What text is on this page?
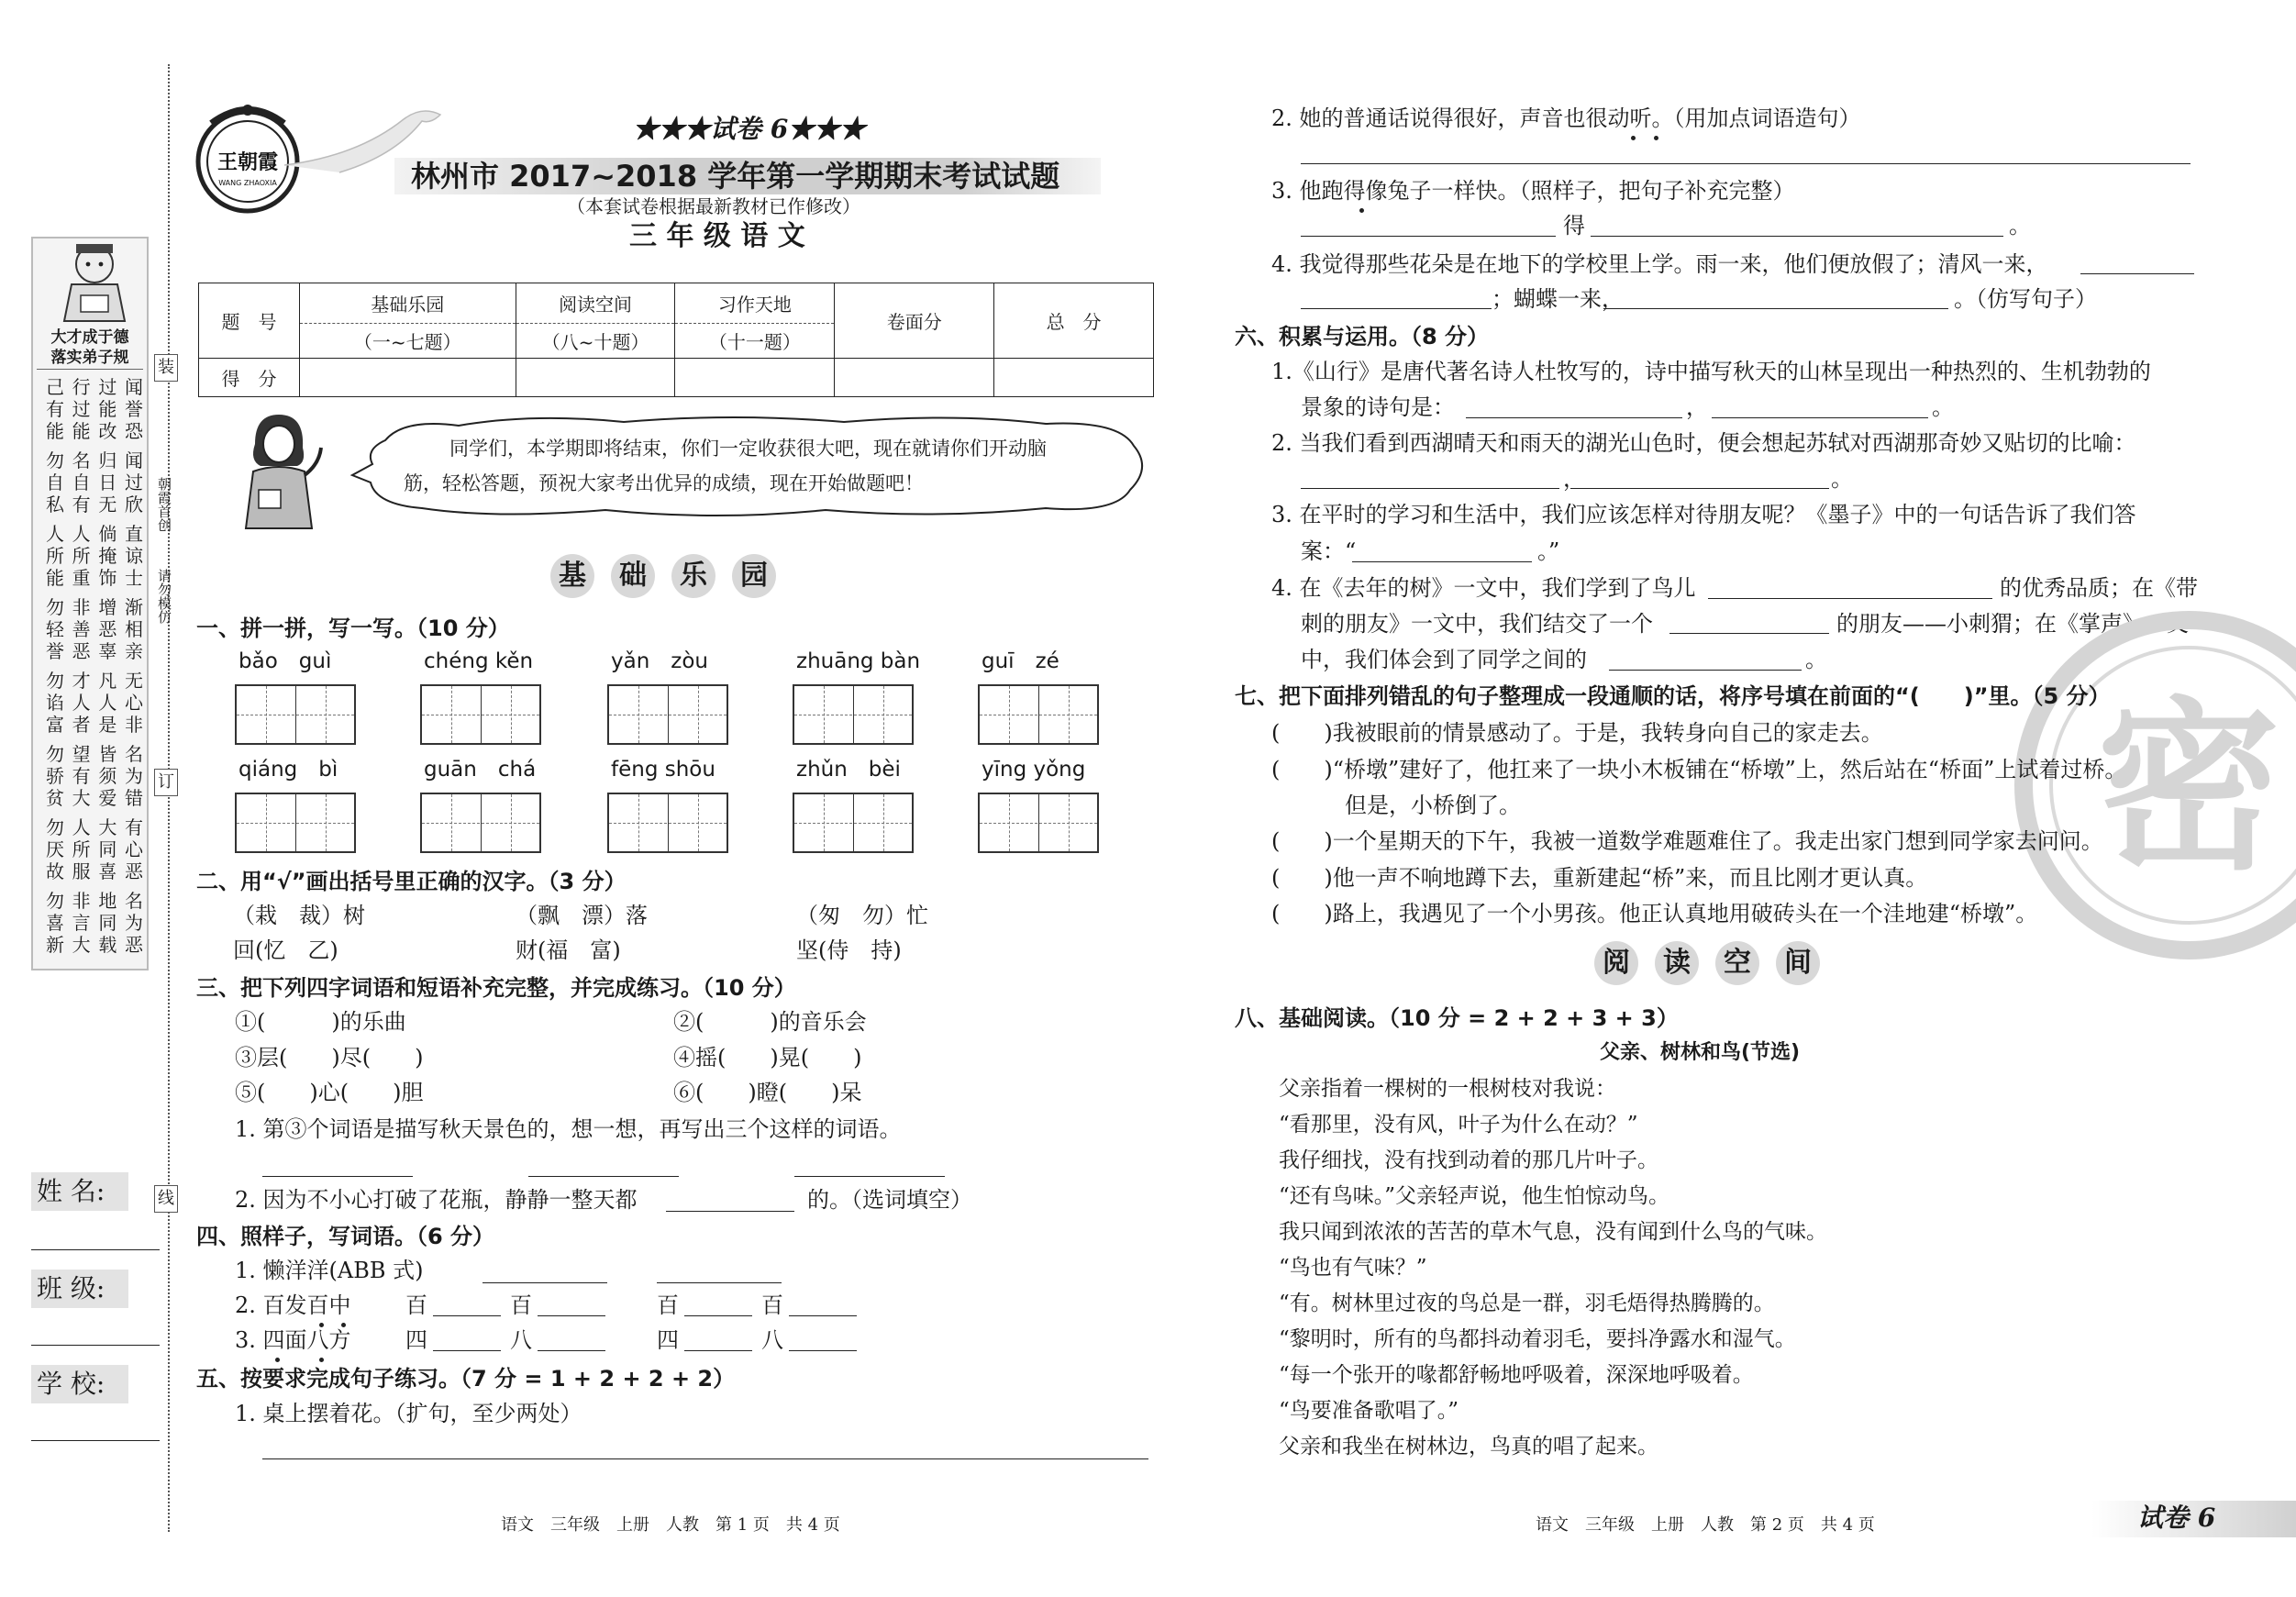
大才成于德
落实弟子规
己有能
行过能
过能改
闻誉恐
勿自私
名自有
归日无
闻过欣
人所能
人所重
倘掩饰
直谅士
勿轻誉
非善恶
增恶辜
渐相亲
勿谄富
才人者
凡人是
无心非
勿骄贫
望有大
皆须爱
名为错
勿厌故
人所服
大同喜
有心恶
勿喜新
非言大
地同载
名为恶
装
订
线
朝霞首创
请勿模仿
姓 名:
班 级:
学 校:
王朝霞
WANG ZHAOXIA
★★★试卷 6★★★
林州市 2017~2018 学年第一学期期末考试试题
（本套试卷根据最新教材已作修改）
三 年 级 语 文
题　号	基础乐园	阅读空间	习作天地	卷面分	总　分
	（一~七题）	（八~十题）	（十一题）		
得　分					
同学们，本学期即将结束，你们一定收获很大吧，现在就请你们开动脑筋，轻松答题，预祝大家考出优异的成绩，现在开始做题吧！
基	础	乐	园
一、拼一拼，写一写。（10 分）
bǎo　guì	chéng kěn	yǎn　zòu	zhuāng bàn	guī　zé
qiáng　bì	guān　chá	fēng shōu	zhǔn　bèi	yīng yǒng
二、用“√”画出括号里正确的汉字。（3 分）
（栽　裁）树	（飘　漂）落	（匆　勿）忙
回(忆　乙)	财(福　富)	坚(侍　持)
三、把下列四字词语和短语补充完整，并完成练习。（10 分）
①(　　　)的乐曲	②(　　　)的音乐会
③层(　　)尽(　　)	④摇(　　)晃(　　)
⑤(　　)心(　　)胆	⑥(　　)瞪(　　)呆
1. 第③个词语是描写秋天景色的，想一想，再写出三个这样的词语。
2. 因为不小心打破了花瓶，静静一整天都	的。（选词填空）
四、照样子，写词语。（6 分）
1. 懒洋洋(ABB 式)
2. 百发百中 百	百	百	百
3. 四面八方 四	八	四	八
五、按要求完成句子练习。（7 分 = 1 + 2 + 2 + 2）
1. 桌上摆着花。（扩句，至少两处）
语文　三年级　上册　人教　第 1 页　共 4 页
2. 她的普通话说得很好，声音也很动听。（用加点词语造句）
3. 他跑得像兔子一样快。（照样子，把句子补充完整）
得	。
4. 我觉得那些花朵是在地下的学校里上学。雨一来，他们便放假了；清风一来，
；蝴蝶一来，	。（仿写句子）
六、积累与运用。（8 分）
1.《山行》是唐代著名诗人杜牧写的，诗中描写秋天的山林呈现出一种热烈的、生机勃勃的
景象的诗句是：	，	。
2. 当我们看到西湖晴天和雨天的湖光山色时，便会想起苏轼对西湖那奇妙又贴切的比喻：
，	。
3. 在平时的学习和生活中，我们应该怎样对待朋友呢？《墨子》中的一句话告诉了我们答
案：“	。”
4. 在《去年的树》一文中，我们学到了鸟儿	的优秀品质；在《带
刺的朋友》一文中，我们结交了一个	的朋友——小刺猬；在《掌声》一文
中，我们体会到了同学之间的	。
密
七、把下面排列错乱的句子整理成一段通顺的话，将序号填在前面的“(　　)”里。（5 分）
(　　)我被眼前的情景感动了。于是，我转身向自己的家走去。
(　　)“桥墩”建好了，他扛来了一块小木板铺在“桥墩”上，然后站在“桥面”上试着过桥。
但是，小桥倒了。
(　　)一个星期天的下午，我被一道数学难题难住了。我走出家门想到同学家去问问。
(　　)他一声不响地蹲下去，重新建起“桥”来，而且比刚才更认真。
(　　)路上，我遇见了一个小男孩。他正认真地用破砖头在一个洼地建“桥墩”。
阅	读	空	间
八、基础阅读。（10 分 = 2 + 2 + 3 + 3）
父亲、树林和鸟(节选)
父亲指着一棵树的一根树枝对我说：
“看那里，没有风，叶子为什么在动？”
我仔细找，没有找到动着的那几片叶子。
“还有鸟味。”父亲轻声说，他生怕惊动鸟。
我只闻到浓浓的苦苦的草木气息，没有闻到什么鸟的气味。
“鸟也有气味？”
“有。树林里过夜的鸟总是一群，羽毛焐得热腾腾的。
“黎明时，所有的鸟都抖动着羽毛，要抖净露水和湿气。
“每一个张开的喙都舒畅地呼吸着，深深地呼吸着。
“鸟要准备歌唱了。”
父亲和我坐在树林边，鸟真的唱了起来。
语文　三年级　上册　人教　第 2 页　共 4 页	试卷 6
